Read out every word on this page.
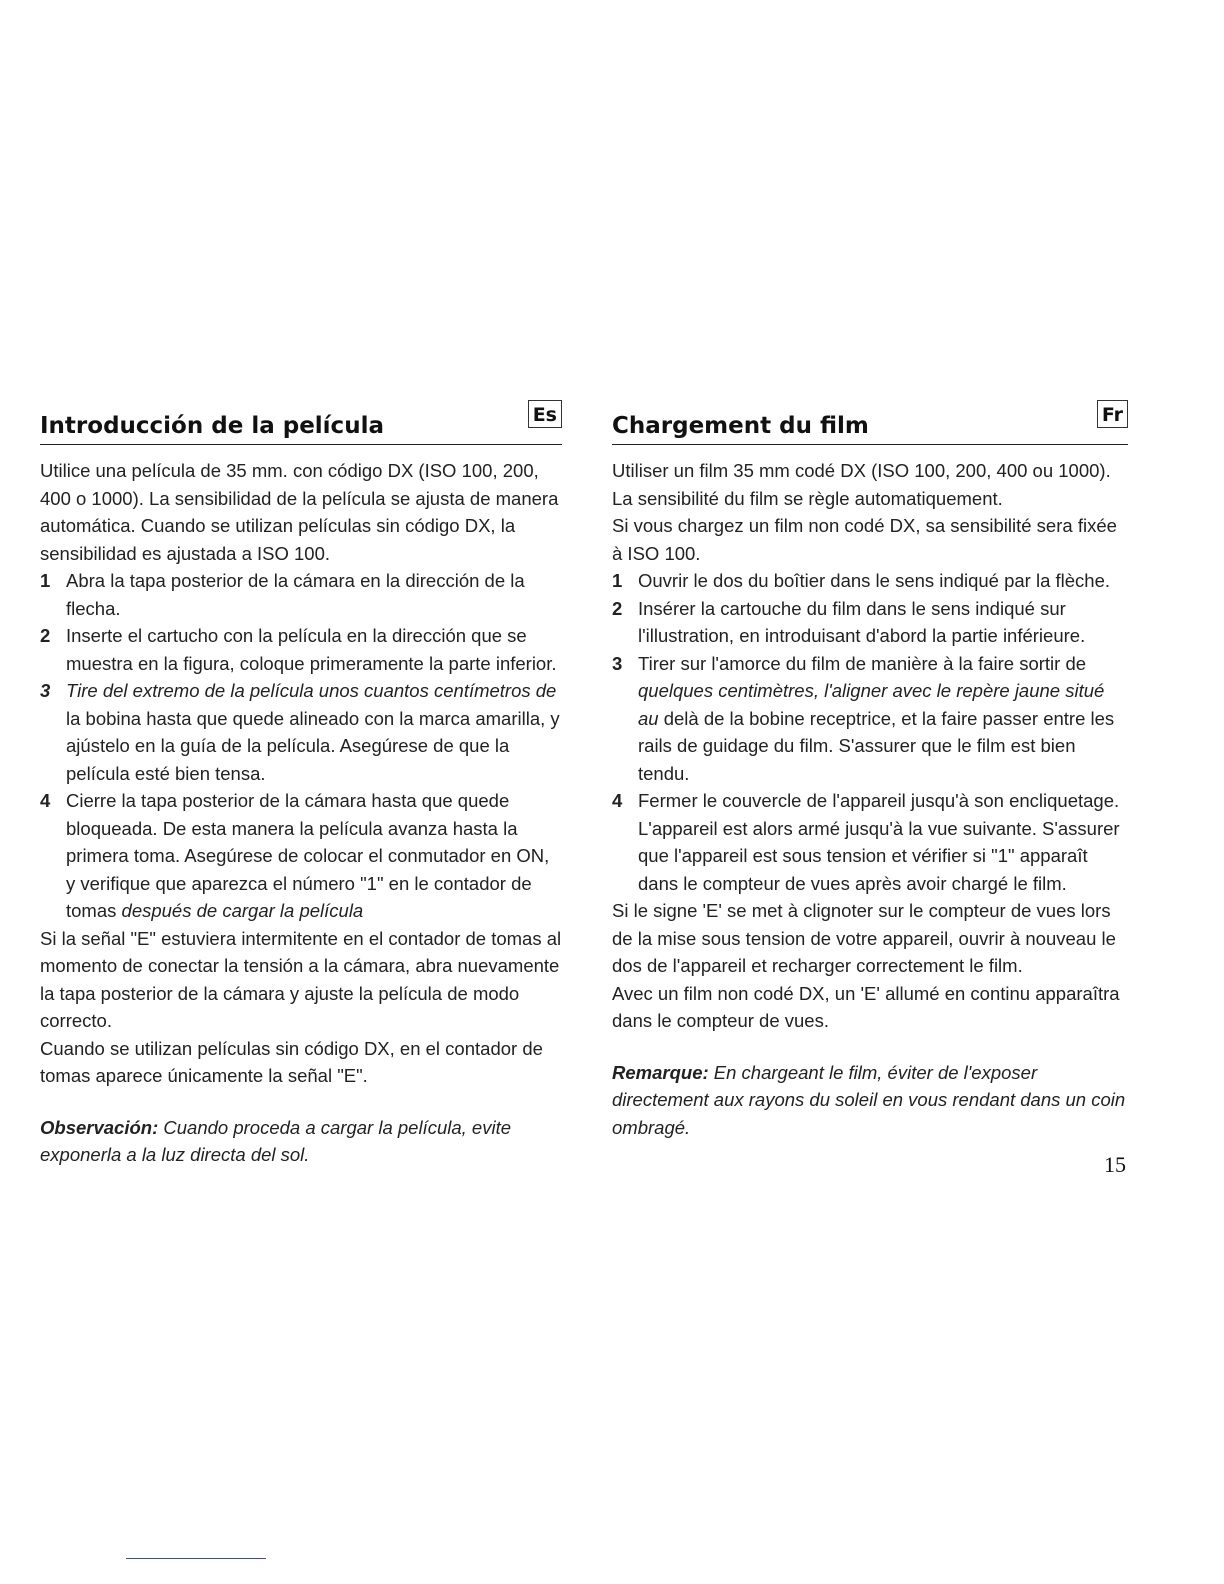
Introducción de la película	Es

Utilice una película de 35 mm. con código DX (ISO 100, 200, 400 o 1000). La sensibilidad de la película se ajusta de manera automática. Cuando se utilizan películas sin código DX, la sensibilidad es ajustada a ISO 100.

1 Abra la tapa posterior de la cámara en la dirección de la flecha.
2 Inserte el cartucho con la película en la dirección que se muestra en la figura, coloque primeramente la parte inferior.
3 Tire del extremo de la película unos cuantos centímetros de la bobina hasta que quede alineado con la marca amarilla, y ajústelo en la guía de la película. Asegúrese de que la película esté bien tensa.
4 Cierre la tapa posterior de la cámara hasta que quede bloqueada. De esta manera la película avanza hasta la primera toma. Asegúrese de colocar el conmutador en ON, y verifique que aparezca el número "1" en le contador de tomas después de cargar la película

Si la señal "E" estuviera intermitente en el contador de tomas al momento de conectar la tensión a la cámara, abra nuevamente la tapa posterior de la cámara y ajuste la película de modo correcto.

Cuando se utilizan películas sin código DX, en el contador de tomas aparece únicamente la señal "E".

Observación: Cuando proceda a cargar la película, evite exponerla a la luz directa del sol.
Chargement du film	Fr

Utiliser un film 35 mm codé DX (ISO 100, 200, 400 ou 1000). La sensibilité du film se règle automatiquement.

Si vous chargez un film non codé DX, sa sensibilité sera fixée à ISO 100.

1 Ouvrir le dos du boîtier dans le sens indiqué par la flèche.
2 Insérer la cartouche du film dans le sens indiqué sur l'illustration, en introduisant d'abord la partie inférieure.
3 Tirer sur l'amorce du film de manière à la faire sortir de quelques centimètres, l'aligner avec le repère jaune situé au delà de la bobine receptrice, et la faire passer entre les rails de guidage du film. S'assurer que le film est bien tendu.
4 Fermer le couvercle de l'appareil jusqu'à son encliquetage. L'appareil est alors armé jusqu'à la vue suivante. S'assurer que l'appareil est sous tension et vérifier si "1" apparaît dans le compteur de vues après avoir chargé le film.

Si le signe 'E' se met à clignoter sur le compteur de vues lors de la mise sous tension de votre appareil, ouvrir à nouveau le dos de l'appareil et recharger correctement le film.

Avec un film non codé DX, un 'E' allumé en continu apparaîtra dans le compteur de vues.

Remarque: En chargeant le film, éviter de l'exposer directement aux rayons du soleil en vous rendant dans un coin ombragé.
15
